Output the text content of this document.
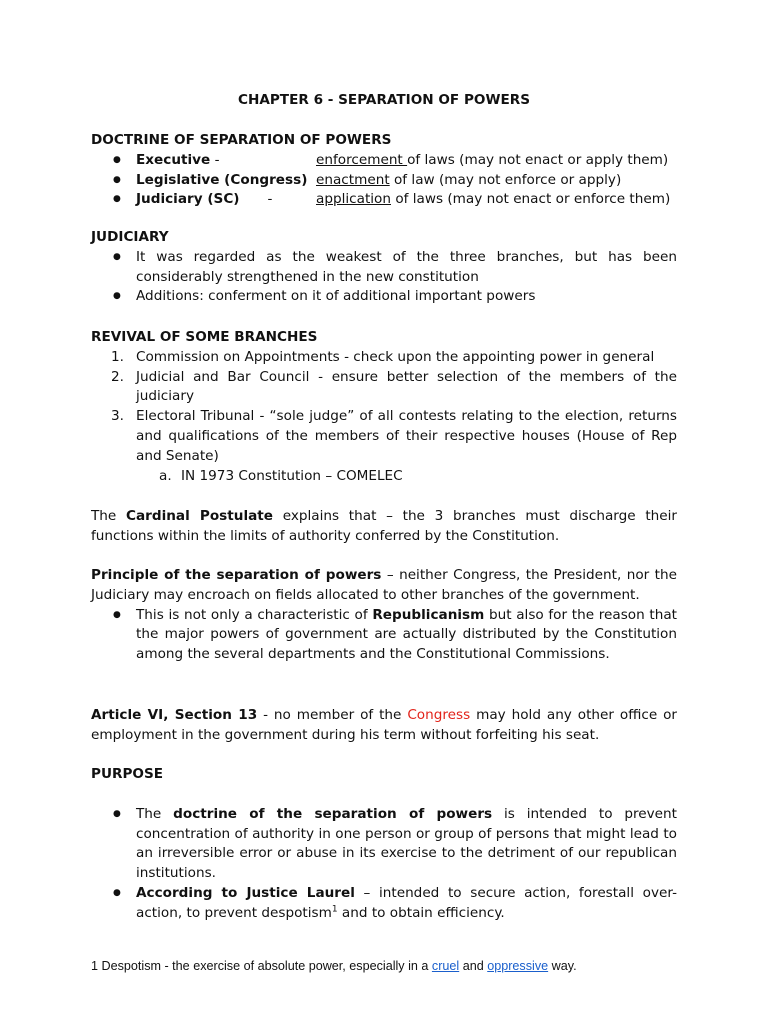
CHAPTER 6 - SEPARATION OF POWERS
DOCTRINE OF SEPARATION OF POWERS
● Executive -	enforcement of laws (may not enact or apply them)
● Legislative (Congress) enactment of law (may not enforce or apply)
● Judiciary (SC) -	application of laws (may not enact or enforce them)
JUDICIARY
● It was regarded as the weakest of the three branches, but has been considerably strengthened in the new constitution
● Additions: conferment on it of additional important powers
REVIVAL OF SOME BRANCHES
1. Commission on Appointments - check upon the appointing power in general
2. Judicial and Bar Council - ensure better selection of the members of the judiciary
3. Electoral Tribunal - “sole judge” of all contests relating to the election, returns and qualifications of the members of their respective houses (House of Rep and Senate)
a. IN 1973 Constitution – COMELEC
The Cardinal Postulate explains that – the 3 branches must discharge their functions within the limits of authority conferred by the Constitution.
Principle of the separation of powers – neither Congress, the President, nor the Judiciary may encroach on fields allocated to other branches of the government.
● This is not only a characteristic of Republicanism but also for the reason that the major powers of government are actually distributed by the Constitution among the several departments and the Constitutional Commissions.
Article VI, Section 13 - no member of the Congress may hold any other office or employment in the government during his term without forfeiting his seat.
PURPOSE
● The doctrine of the separation of powers is intended to prevent concentration of authority in one person or group of persons that might lead to an irreversible error or abuse in its exercise to the detriment of our republican institutions.
● According to Justice Laurel – intended to secure action, forestall over-action, to prevent despotism$^1$ and to obtain efficiency.
1 Despotism - the exercise of absolute power, especially in a cruel and oppressive way.
